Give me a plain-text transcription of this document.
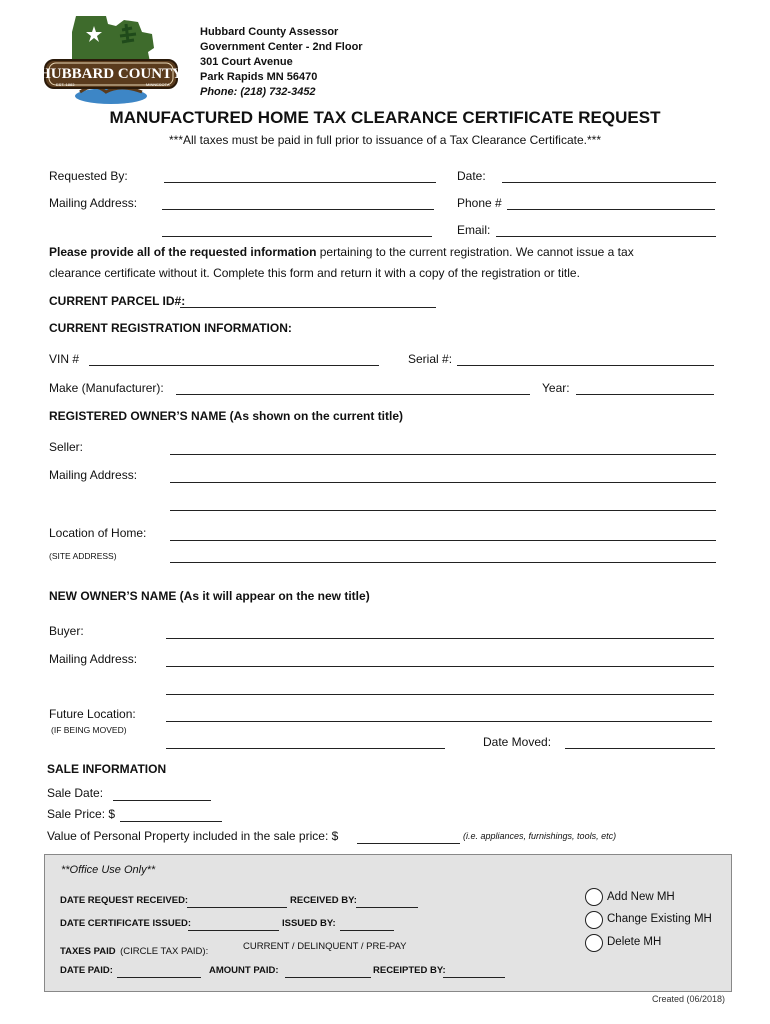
HUBBARD COUNTY
EST. 1883	MINNESOTA
Hubbard County Assessor
Government Center - 2nd Floor
301 Court Avenue
Park Rapids MN 56470
Phone: (218) 732-3452
MANUFACTURED HOME TAX CLEARANCE CERTIFICATE REQUEST
***All taxes must be paid in full prior to issuance of a Tax Clearance Certificate.***
Requested By:	Date:
Mailing Address:	Phone #
Email:
Please provide all of the requested information pertaining to the current registration. We cannot issue a tax
clearance certificate without it. Complete this form and return it with a copy of the registration or title.
CURRENT PARCEL ID#:
CURRENT REGISTRATION INFORMATION:
VIN #	Serial #:
Make (Manufacturer):	Year:
REGISTERED OWNER’S NAME (As shown on the current title)
Seller:
Mailing Address:
Location of Home:
(SITE ADDRESS)
NEW OWNER’S NAME (As it will appear on the new title)
Buyer:
Mailing Address:
Future Location:
(IF BEING MOVED)
Date Moved:
SALE INFORMATION
Sale Date:
Sale Price: $
Value of Personal Property included in the sale price: $	(i.e. appliances, furnishings, tools, etc)
**Office Use Only**
DATE REQUEST RECEIVED:	RECEIVED BY:
DATE CERTIFICATE ISSUED:	ISSUED BY:
TAXES PAID (CIRCLE TAX PAID):	CURRENT / DELINQUENT / PRE-PAY
DATE PAID:	AMOUNT PAID:	RECEIPTED BY:
Add New MH
Change Existing MH
Delete MH
Created (06/2018)
